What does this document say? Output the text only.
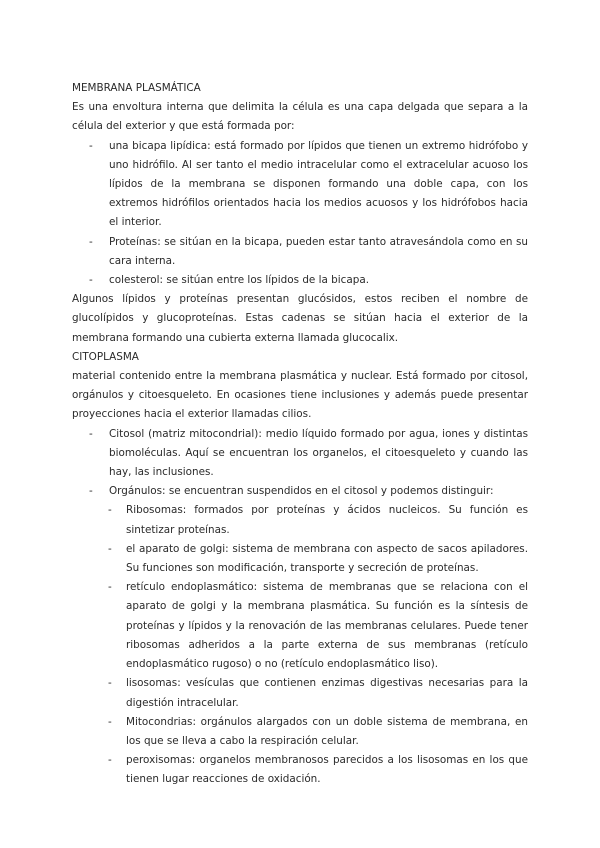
MEMBRANA PLASMÁTICA

Es una envoltura interna que delimita la célula es una capa delgada que separa a la célula del exterior y que está formada por:

- una bicapa lipídica: está formado por lípidos que tienen un extremo hidrófobo y uno hidrófilo. Al ser tanto el medio intracelular como el extracelular acuoso los lípidos de la membrana se disponen formando una doble capa, con los extremos hidrófilos orientados hacia los medios acuosos y los hidrófobos hacia el interior.
- Proteínas: se sitúan en la bicapa, pueden estar tanto atravesándola como en su cara interna.
- colesterol: se sitúan entre los lípidos de la bicapa.

Algunos lípidos y proteínas presentan glucósidos, estos reciben el nombre de glucolípidos y glucoproteínas. Estas cadenas se sitúan hacia el exterior de la membrana formando una cubierta externa llamada glucocalix.

CITOPLASMA

material contenido entre la membrana plasmática y nuclear. Está formado por citosol, orgánulos y citoesqueleto. En ocasiones tiene inclusiones y además puede presentar proyecciones hacia el exterior llamadas cilios.

- Citosol (matriz mitocondrial): medio líquido formado por agua, iones y distintas biomoléculas. Aquí se encuentran los organelos, el citoesqueleto y cuando las hay, las inclusiones.
- Orgánulos: se encuentran suspendidos en el citosol y podemos distinguir:
- Ribosomas: formados por proteínas y ácidos nucleicos. Su función es sintetizar proteínas.
- el aparato de golgi: sistema de membrana con aspecto de sacos apiladores. Su funciones son modificación, transporte y secreción de proteínas.
- retículo endoplasmático: sistema de membranas que se relaciona con el aparato de golgi y la membrana plasmática. Su función es la síntesis de proteínas y lípidos y la renovación de las membranas celulares. Puede tener ribosomas adheridos a la parte externa de sus membranas (retículo endoplasmático rugoso) o no (retículo endoplasmático liso).
- lisosomas: vesículas que contienen enzimas digestivas necesarias para la digestión intracelular.
- Mitocondrias: orgánulos alargados con un doble sistema de membrana, en los que se lleva a cabo la respiración celular.
- peroxisomas: organelos membranosos parecidos a los lisosomas en los que tienen lugar reacciones de oxidación.
